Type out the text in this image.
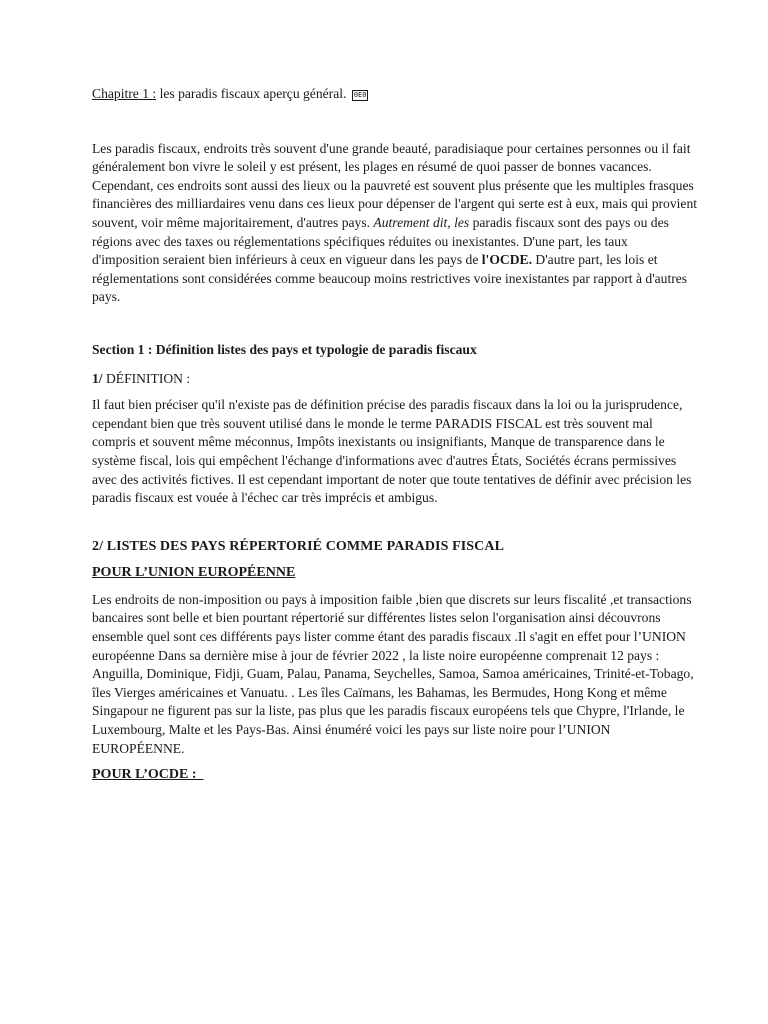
Chapitre 1 : les paradis fiscaux aperçu général. 0E0

Les paradis fiscaux, endroits très souvent d'une grande beauté, paradisiaque pour certaines personnes ou il fait généralement bon vivre le soleil y est présent, les plages en résumé de quoi passer de bonnes vacances. Cependant, ces endroits sont aussi des lieux ou la pauvreté est souvent plus présente que les multiples frasques financières des milliardaires venu dans ces lieux pour dépenser de l'argent qui serte est à eux, mais qui provient souvent, voir même majoritairement, d'autres pays. Autrement dit, les paradis fiscaux sont des pays ou des régions avec des taxes ou réglementations spécifiques réduites ou inexistantes. D'une part, les taux d'imposition seraient bien inférieurs à ceux en vigueur dans les pays de l'OCDE. D'autre part, les lois et réglementations sont considérées comme beaucoup moins restrictives voire inexistantes par rapport à d'autres pays.

Section 1 : Définition listes des pays et typologie de paradis fiscaux

1/ DÉFINITION :

Il faut bien préciser qu'il n'existe pas de définition précise des paradis fiscaux dans la loi ou la jurisprudence, cependant bien que très souvent utilisé dans le monde le terme PARADIS FISCAL est très souvent mal compris et souvent même méconnus, Impôts inexistants ou insignifiants, Manque de transparence dans le système fiscal, lois qui empêchent l'échange d'informations avec d'autres États, Sociétés écrans permissives avec des activités fictives. Il est cependant important de noter que toute tentatives de définir avec précision les paradis fiscaux est vouée à l'échec car très imprécis et ambigus.

2/ LISTES DES PAYS RÉPERTORIÉ COMME PARADIS FISCAL

POUR L’UNION EUROPÉENNE

Les endroits de non-imposition ou pays à imposition faible ,bien que discrets sur leurs fiscalité ,et transactions bancaires sont belle et bien pourtant répertorié sur différentes listes selon l'organisation ainsi découvrons ensemble quel sont ces différents pays lister comme étant des paradis fiscaux .Il s'agit en effet pour l’UNION européenne Dans sa dernière mise à jour de février 2022 , la liste noire européenne comprenait 12 pays : Anguilla, Dominique, Fidji, Guam, Palau, Panama, Seychelles, Samoa, Samoa américaines, Trinité-et-Tobago, îles Vierges américaines et Vanuatu. . Les îles Caïmans, les Bahamas, les Bermudes, Hong Kong et même Singapour ne figurent pas sur la liste, pas plus que les paradis fiscaux européens tels que Chypre, l'Irlande, le Luxembourg, Malte et les Pays-Bas. Ainsi énuméré voici les pays sur liste noire pour l’UNION EUROPÉENNE.

POUR L’OCDE :
